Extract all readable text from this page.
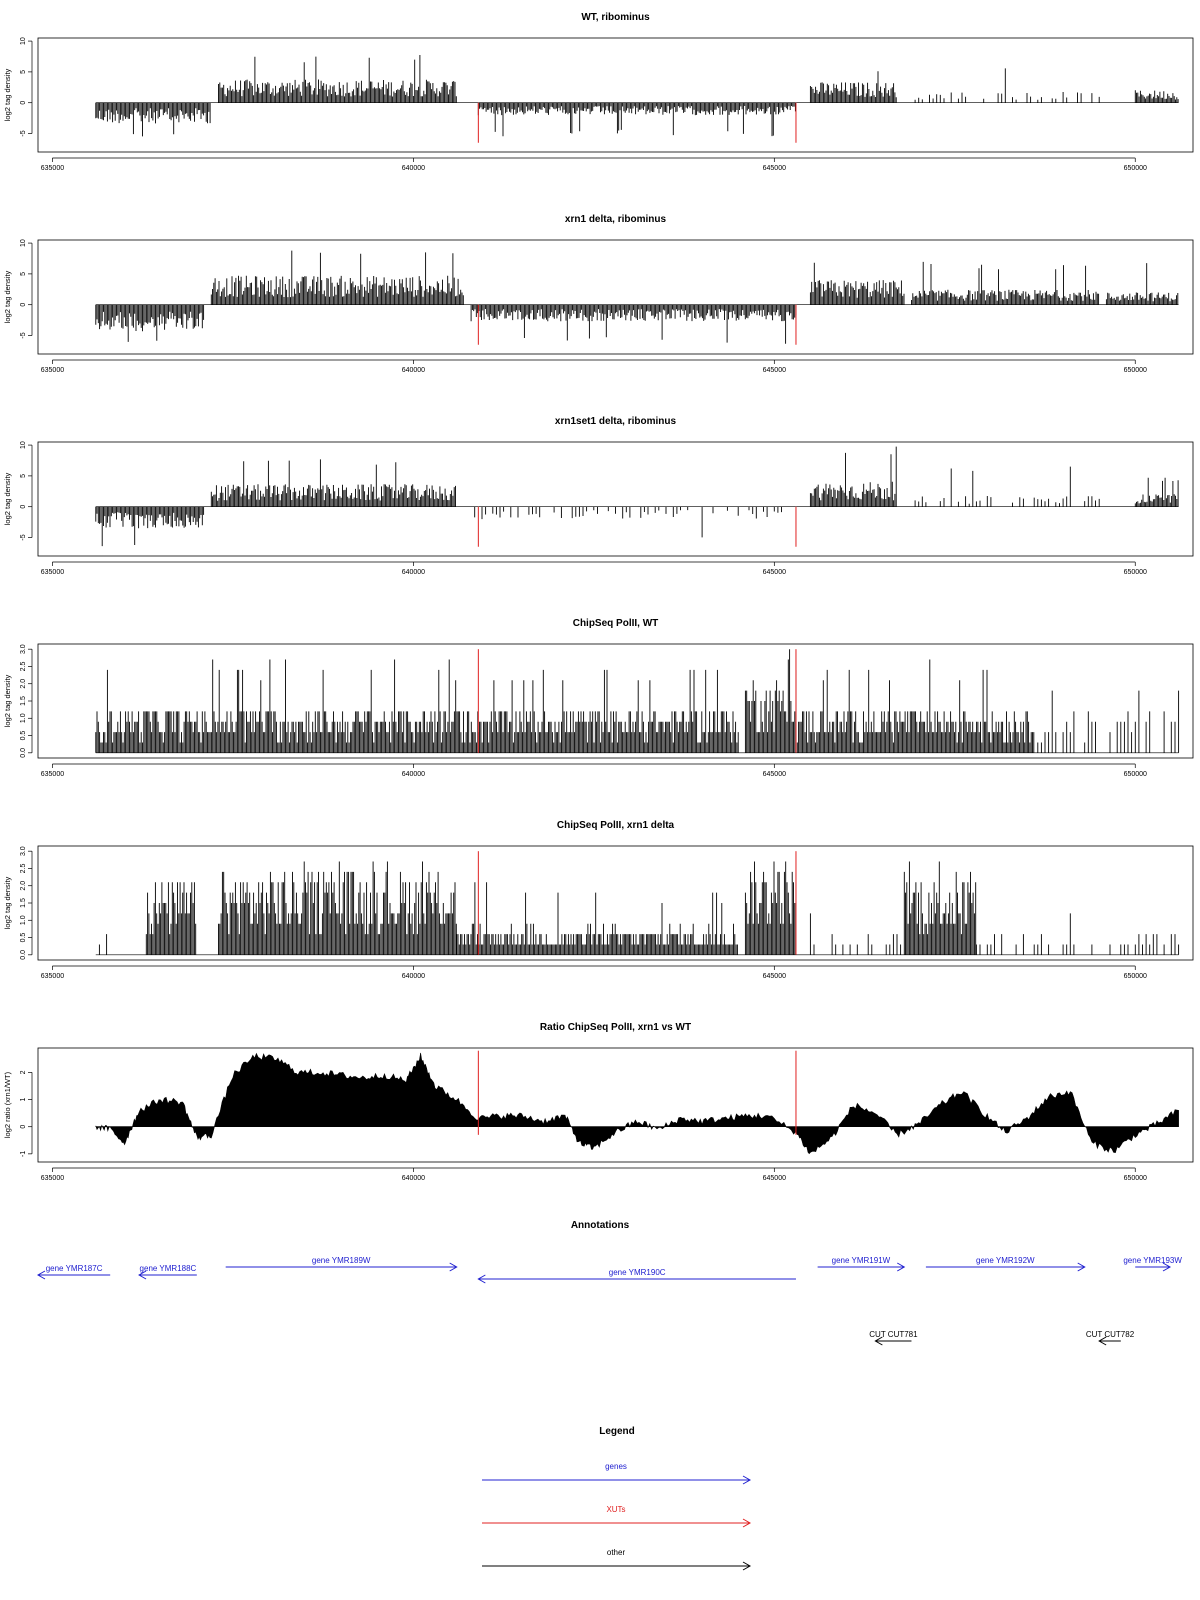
WT, ribominus
log2 tag density
-5
0
5
10
635000	640000	645000	650000
xrn1 delta, ribominus
log2 tag density
-5
0
5
10
635000	640000	645000	650000
xrn1set1 delta, ribominus
log2 tag density
-5
0
5
10
635000	640000	645000	650000
ChipSeq PolII, WT
log2 tag density
0.0
0.5
1.0
1.5
2.0
2.5
3.0
635000	640000	645000	650000
ChipSeq PolII, xrn1 delta
log2 tag density
0.0
0.5
1.0
1.5
2.0
2.5
3.0
635000	640000	645000	650000
Ratio ChipSeq PolII, xrn1 vs WT
log2 ratio (xrn1/WT)
-1
0
1
2
635000	640000	645000	650000
Annotations
gene YMR187C	gene YMR188C
gene YMR189W
gene YMR190C
gene YMR191W	gene YMR192W	gene YMR193W
CUT CUT781	CUT CUT782
Legend
genes
XUTs
other
